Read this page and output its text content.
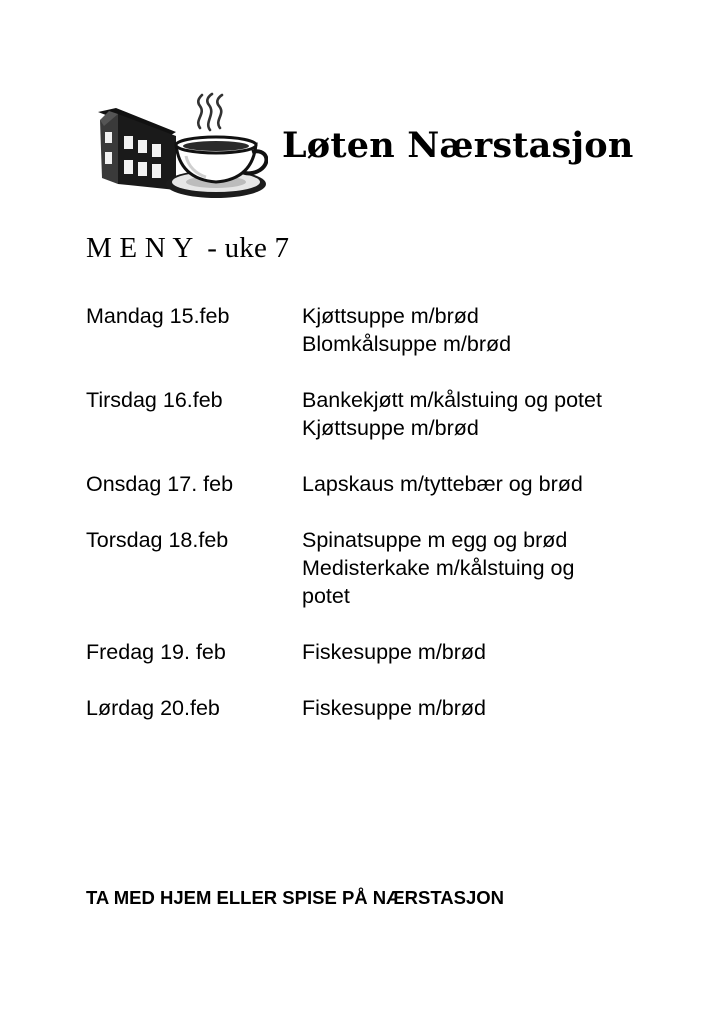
Løten Nærstasjon
M E N Y  - uke 7
Mandag 15.feb	Kjøttsuppe m/brød
Blomkålsuppe m/brød
Tirsdag 16.feb	Bankekjøtt m/kålstuing og potet
Kjøttsuppe m/brød
Onsdag 17. feb	Lapskaus m/tyttebær og brød
Torsdag 18.feb	Spinatsuppe m egg og brød
Medisterkake m/kålstuing og potet
Fredag 19. feb	Fiskesuppe m/brød
Lørdag 20.feb	Fiskesuppe m/brød
TA MED HJEM ELLER SPISE PÅ NÆRSTASJON
